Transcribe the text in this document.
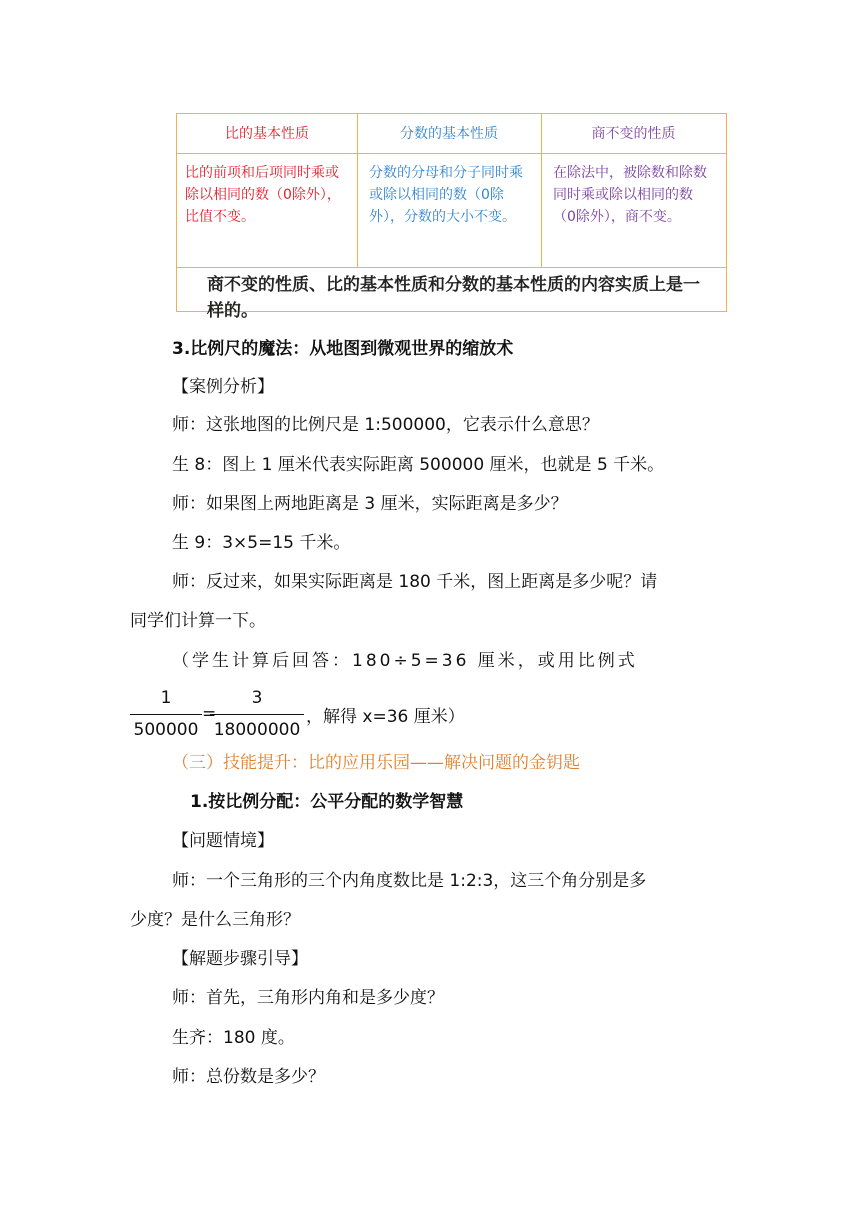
比的基本性质	分数的基本性质	商不变的性质
比的前项和后项同时乘或除以相同的数（0除外），比值不变。
分数的分母和分子同时乘或除以相同的数（0除外），分数的大小不变。
在除法中，被除数和除数同时乘或除以相同的数（0除外），商不变。
商不变的性质、比的基本性质和分数的基本性质的内容实质上是一样的。
3.比例尺的魔法：从地图到微观世界的缩放术
【案例分析】
师：这张地图的比例尺是 1:500000，它表示什么意思？
生 8：图上 1 厘米代表实际距离 500000 厘米，也就是 5 千米。
师：如果图上两地距离是 3 厘米，实际距离是多少？
生 9：3×5=15 千米。
师：反过来，如果实际距离是 180 千米，图上距离是多少呢？请
同学们计算一下。
（学生计算后回答：180÷5=36 厘米，或用比例式
1
500000
=
3
18000000
，解得 x=36 厘米）
（三）技能提升：比的应用乐园——解决问题的金钥匙
1.按比例分配：公平分配的数学智慧
【问题情境】
师：一个三角形的三个内角度数比是 1:2:3，这三个角分别是多
少度？是什么三角形？
【解题步骤引导】
师：首先，三角形内角和是多少度？
生齐：180 度。
师：总份数是多少？
